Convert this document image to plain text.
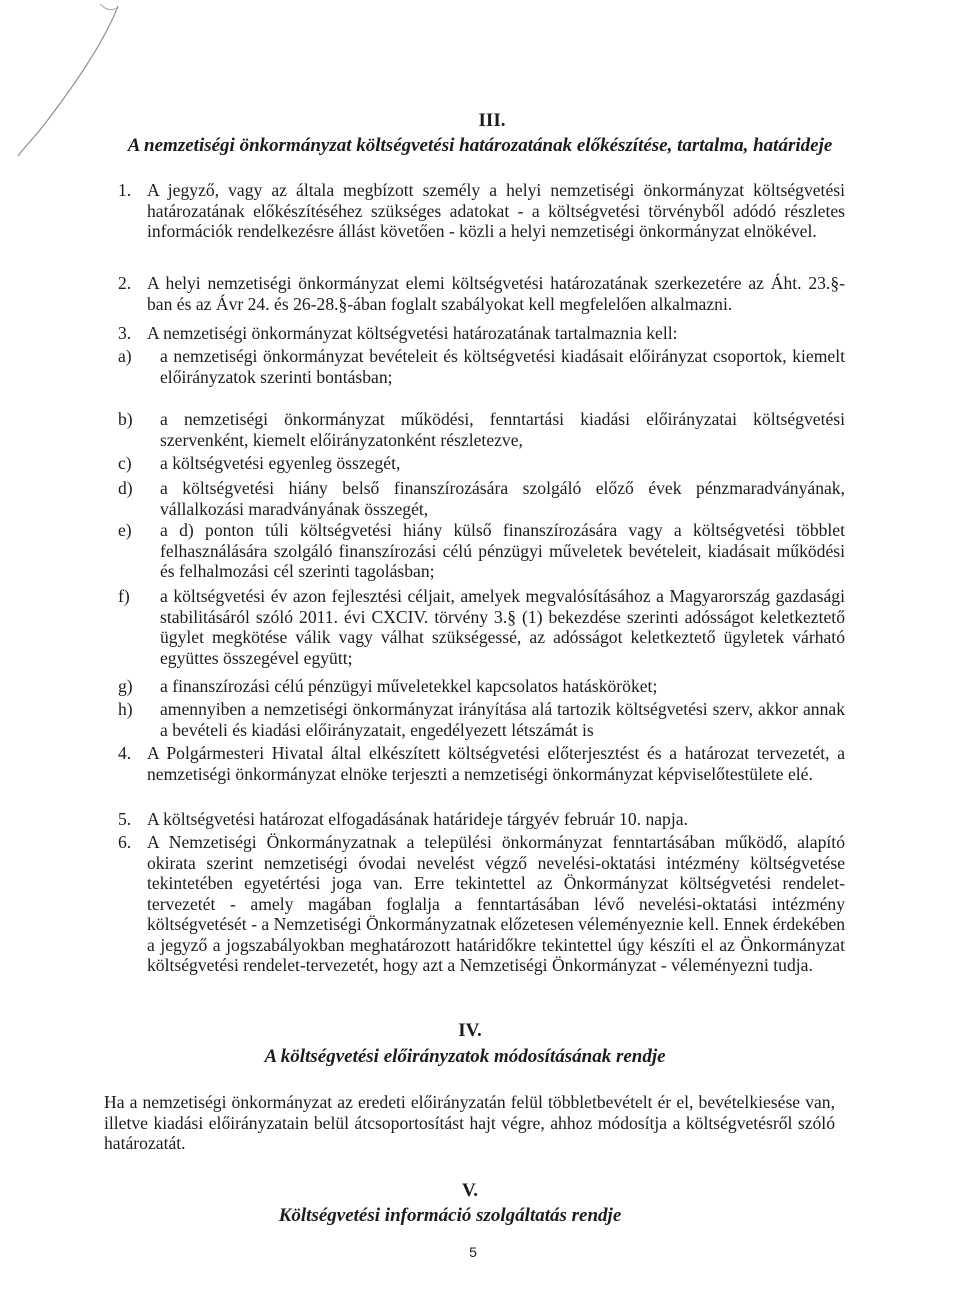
III.
A nemzetiségi önkormányzat költségvetési határozatának előkészítése, tartalma, határideje
1. A jegyző, vagy az általa megbízott személy a helyi nemzetiségi önkormányzat költségvetési határozatának előkészítéséhez szükséges adatokat - a költségvetési törvényből adódó részletes információk rendelkezésre állást követően - közli a helyi nemzetiségi önkormányzat elnökével.
2. A helyi nemzetiségi önkormányzat elemi költségvetési határozatának szerkezetére az Áht. 23.§- ban és az Ávr 24. és 26-28.§-ában foglalt szabályokat kell megfelelően alkalmazni.
3. A nemzetiségi önkormányzat költségvetési határozatának tartalmaznia kell:
a) a nemzetiségi önkormányzat bevételeit és költségvetési kiadásait előirányzat csoportok, kiemelt előirányzatok szerinti bontásban;
b) a nemzetiségi önkormányzat működési, fenntartási kiadási előirányzatai költségvetési szervenként, kiemelt előirányzatonként részletezve,
c) a költségvetési egyenleg összegét,
d) a költségvetési hiány belső finanszírozására szolgáló előző évek pénzmaradványának, vállalkozási maradványának összegét,
e) a d) ponton túli költségvetési hiány külső finanszírozására vagy a költségvetési többlet felhasználására szolgáló finanszírozási célú pénzügyi műveletek bevételeit, kiadásait működési és felhalmozási cél szerinti tagolásban;
f) a költségvetési év azon fejlesztési céljait, amelyek megvalósításához a Magyarország gazdasági stabilitásáról szóló 2011. évi CXCIV. törvény 3.§ (1) bekezdése szerinti adósságot keletkeztető ügylet megkötése válik vagy válhat szükségessé, az adósságot keletkeztető ügyletek várható együttes összegével együtt;
g) a finanszírozási célú pénzügyi műveletekkel kapcsolatos hatásköröket;
h) amennyiben a nemzetiségi önkormányzat irányítása alá tartozik költségvetési szerv, akkor annak a bevételi és kiadási előirányzatait, engedélyezett létszámát is
4. A Polgármesteri Hivatal által elkészített költségvetési előterjesztést és a határozat tervezetét, a nemzetiségi önkormányzat elnöke terjeszti a nemzetiségi önkormányzat képviselőtestülete elé.
5. A költségvetési határozat elfogadásának határideje tárgyév február 10. napja.
6. A Nemzetiségi Önkormányzatnak a települési önkormányzat fenntartásában működő, alapító okirata szerint nemzetiségi óvodai nevelést végző nevelési-oktatási intézmény költségvetése tekintetében egyetértési joga van. Erre tekintettel az Önkormányzat költségvetési rendelet-tervezetét - amely magában foglalja a fenntartásában lévő nevelési-oktatási intézmény költségvetését - a Nemzetiségi Önkormányzatnak előzetesen véleményeznie kell. Ennek érdekében a jegyző a jogszabályokban meghatározott határidőkre tekintettel úgy készíti el az Önkormányzat költségvetési rendelet-tervezetét, hogy azt a Nemzetiségi Önkormányzat - véleményezni tudja.
IV.
A költségvetési előirányzatok módosításának rendje
Ha a nemzetiségi önkormányzat az eredeti előirányzatán felül többletbevételt ér el, bevételkiesése van, illetve kiadási előirányzatain belül átcsoportosítást hajt végre, ahhoz módosítja a költségvetésről szóló határozatát.
V.
Költségvetési információ szolgáltatás rendje
5
